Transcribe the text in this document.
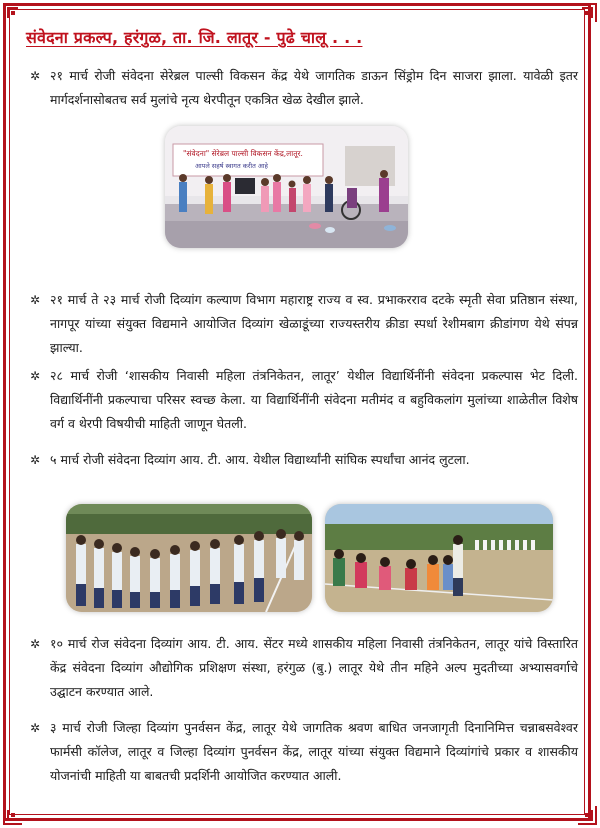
संवेदना प्रकल्प, हरंगुळ, ता. जि. लातूर - पुढे चालू . . .
✲ २१ मार्च रोजी संवेदना सेरेब्रल पाल्सी विकसन केंद्र येथे जागतिक डाऊन सिंड्रोम दिन साजरा झाला. यावेळी इतर मार्गदर्शनासोबतच सर्व मुलांचे नृत्य थेरपीतून एकत्रित खेळ देखील झाले.
"संवेदना" सेरेब्रल पाल्सी विकसन केंद्र,लातूर.
आपले सहर्ष स्वागत करीत आहे
✲ २१ मार्च ते २३ मार्च रोजी दिव्यांग कल्याण विभाग महाराष्ट्र राज्य व स्व. प्रभाकरराव दटके स्मृती सेवा प्रतिष्ठान संस्था, नागपूर यांच्या संयुक्त विद्यमाने आयोजित दिव्यांग खेळाडूंच्या राज्यस्तरीय क्रीडा स्पर्धा रेशीमबाग क्रीडांगण येथे संपन्न झाल्या.
✲ २८ मार्च रोजी ‘शासकीय निवासी महिला तंत्रनिकेतन, लातूर’ येथील विद्यार्थिनींनी संवेदना प्रकल्पास भेट दिली. विद्यार्थिनींनी प्रकल्पाचा परिसर स्वच्छ केला. या विद्यार्थिनींनी संवेदना मतीमंद व बहुविकलांग मुलांच्या शाळेतील विशेष वर्ग व थेरपी विषयीची माहिती जाणून घेतली.
✲ ५ मार्च रोजी संवेदना दिव्यांग आय. टी. आय. येथील विद्यार्थ्यांनी सांघिक स्पर्धांचा आनंद लुटला.
✲ १० मार्च रोज संवेदना दिव्यांग आय. टी. आय. सेंटर मध्ये शासकीय महिला निवासी तंत्रनिकेतन, लातूर यांचे विस्तारित केंद्र संवेदना दिव्यांग औद्योगिक प्रशिक्षण संस्था, हरंगुळ (बु.) लातूर येथे तीन महिने अल्प मुदतीच्या अभ्यासवर्गाचे उद्घाटन करण्यात आले.
✲ ३ मार्च रोजी जिल्हा दिव्यांग पुनर्वसन केंद्र, लातूर येथे जागतिक श्रवण बाधित जनजागृती दिनानिमित्त चन्नाबसवेश्वर फार्मसी कॉलेज, लातूर व जिल्हा दिव्यांग पुनर्वसन केंद्र, लातूर यांच्या संयुक्त विद्यमाने दिव्यांगांचे प्रकार व शासकीय योजनांची माहिती या बाबतची प्रदर्शिनी आयोजित करण्यात आली.
